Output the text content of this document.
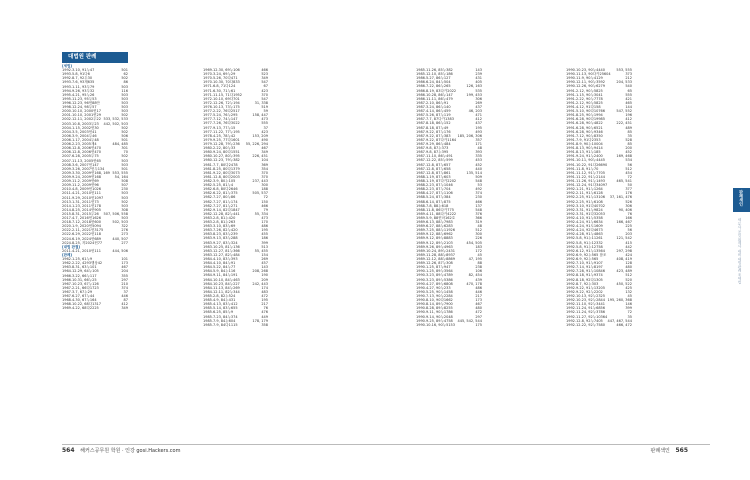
대법원 판례
[세법]
1992.3.10, 91누47	501
1993.5.8, 91다6	62
1992.8.7, 92두30	502
1993.7.6, 93재635	86
1993.1.11, 93두79	503
1994.9.26, 93두32	116
1995.4.21, 95누26	503
1995.11.23, 95두53	503
1996.12.23, 96헌88안	503
1998.12.24, 98두57	503
2000.10.10, 2000헌17	503
2001.10.10, 2001헌29	502
2002.12.11, 2002두22 533, 532, 533
2003.10.8, 2003두23 442, 502, 503
2004.1.15, 2002헌30	502
2004.3.5, 2003헌41	502
2006.3.9, 2004두46	506
2006.1.17, 2004두48	501
2006.2.23, 2005재4	484, 485
2006.12.8, 2006헌470	301
2006.12.8, 2006헌470	70
2007.6.28, 2005두75	502
2007.11.13, 2005헌65	503
2008.3.6, 2007헌147	503
2009.3.26, 2007헌두134	501
2009.3.30, 2009헌168, 169 553, 555
2009.9.24, 2009헌168	54, 164
2009.11.2, 2009헌69	508
2009.11.2, 2009헌96	507
2010.4.8, 2009헌1026	230
2011.4.21, 2010헌111	503
2011.9.29, 2010헌1097	503
2013.1.31, 2011헌73	502
2014.1.23, 2011헌178	503
2014.8.25, 2014헌905	308
2015.8.31, 2015두26 507, 506, 558
2017.4.7, 2016헌1626	503
2018.7.12, 2018헌600	502, 503
2020.1.9, 2020헌5094	322
2022.2.11, 2021헌3175	276
2022.6.29, 2022헌118	273
2024.6.19, 2024헌689	440, 507
2024.8.25, 자2024헌77	277
[대법 판결]
2011.4.21, 2010헌111	444, 506
[판례]
1962.1.25, 61누9	101
1962.2.22, 4293행상42	173
1963.8.31, 63누101	467
1964.12.29, 64누105	204
1966.3.22, 66누117	355
1966.10.31, 66누25	297
1967.10.23, 67누126	210
1967.2.21, 66다1723	374
1967.3.7, 67누29	37
1967.6.27, 67누44	446
1968.4.30, 67누164	87
1968.10.22, 68다1317	412
1969.4.22, 68다2225	349
1969.12.30, 69누106	466
1970.3.24, 69누29	523
1970.5.26, 70다471	349
1970.10.30, 70다833	547
1971.6.8, 71다124	67
1971.6.30, 71누61	423
1971.11.15, 71다1952	370
1972.10.10, 69다701	547
1972.12.26, 72누194	31, 338
1976.10.13, 73누175	519
1977.2.22, 76다2517	59
1977.5.24, 76누295	158, 447
1977.7.12, 74누147	473
1977.7.26, 76다3022	555
1977.9.13, 77누15	37
1977.11.22, 77누195	423
1978.4.25, 78누42	153, 209
1979.9.25, 77다1601	490
1979.12.28, 79누236 55, 226, 294
1980.2.22, 80누33	467
1980.9.24, 80다1551	349
1980.10.27, 80누395	226, 451
1980.12.23, 79누382	104
1981.7.7, 80다2478	369
1981.8.25, 80다1379	354
1981.9.22, 80다3073	370
1981.12.8, 80다2003	370
1982.3.9, 80누105	237, 443
1982.5.25, 81누4	300
1982.6.8, 80다2646	188
1982.6.22, 81누375	505, 537
1982.7.27, 80누86	72
1982.7.27, 81누174	150
1982.7.27, 81누271	466
1982.9.14, 82다1847	79
1982.12.28, 82누441	55, 334
1983.2.8, 81누420	473
1983.2.8, 81누263	170
1983.3.10, 83누69	486
1983.7.26, 82누420	195
1983.8.23, 83누239	455
1983.9.13, 83누288	186
1983.9.27, 83누324	399
1983.10.25, 81누136	513
1983.12.27, 81누366	55, 455
1983.12.27, 82누484	154
1984.4.10, 83누393	269
1984.4.10, 84누91	457
1984.5.22, 84누77	143
1984.5.9, 84누116	208, 268
1984.9.11, 84누191	190
1984.10.10, 84누463	209
1984.10.23, 84누227	242, 443
1984.11.13, 84누269	174
1984.12.11, 82누344	483
1985.2.8, 82누524	472
1985.4.9, 84누431	195
1985.4.13, 83누412	217
1985.5.14, 83누655	76
1985.6.25, 85누9	476
1985.7.23, 84누374	449
1985.7.9, 84누604	178, 179
1985.7.9, 84다1115	358
1985.11.26, 85누382	143
1985.12.10, 85누186	239
1986.5.27, 86누127	431
1986.6.24, 84누504	405
1986.7.22, 86누265	126, 163
1986.8.19, 83다카2022	535
1986.10.28, 86누147	199, 453
1986.11.11, 86누479	306
1987.2.10, 86누91	269
1987.3.24, 86누140	437
1987.4.14, 86누459	46, 203
1987.5.26, 87누119	471
1987.7.7, 87다카1383	412
1987.8.18, 86누152	437
1987.8.18, 87누49	195
1987.9.22, 87누176	493
1987.9.22, 87누383 185, 206, 306
1987.9.22, 87다카1164	357
1987.9.29, 86누484	171
1987.9.8, 87누373	48
1987.9.8, 87누395	393
1987.11.10, 86누491	335
1987.12.22, 85누599	453
1987.12.8, 87누657	452
1987.12.8, 87누658	440
1987.12.8, 87누861	135, 514
1988.1.19, 87누603	509
1988.1.19, 87다카2202	548
1988.2.23, 87누1046	53
1988.2.23, 87누704	492
1988.4.27, 87누1106	374
1988.5.24, 87누384	230
1988.6.14, 87누875	466
1988.7.8, 88누618	137
1988.11.8, 86다카775	548
1989.4.11, 88다카4222	376
1989.5.9, 88헌마162호	366
1989.6.13, 88누7983	319
1989.6.27, 88누6283	48
1989.7.25, 88누11926	512
1989.9.12, 88누6962	300
1989.9.12, 89누8883	226
1989.9.12, 89누2103	454, 505
1989.9.26, 89누4963	183
1989.10.24, 89누2431	172
1989.11.28, 88누8937	45
1989.12.12, 88누8869	47, 195
1989.12.26, 87누308	88
1990.1.25, 87누947	238
1990.1.25, 89누3564	106
1990.3.23, 89누4789	82, 454
1990.3.23, 89누5386	439
1990.4.27, 89누6808	470, 178
1990.4.27, 90누233	486
1990.5.25, 90누1458	446
1990.7.13, 90누2284	217
1990.8.10, 90다1662	173
1990.8.14, 89누7900	467
1990.8.28, 89누8255	480
1990.9.11, 90누1786	472
1990.9.14, 90누2048	297
1990.9.25, 89누4758 445, 542, 544
1990.10.16, 90누5153	175
1990.10.23, 90누4440	553, 555
1990.11.13, 90다카25604	373
1990.11.9, 90누4129	212
1990.12.11, 90누3592	204, 533
1990.12.26, 90누6279	540
1991.2.12, 90누5825	65
1991.1.15, 90누3041	555
1991.2.22, 90누7778	421
1991.2.12, 90누5825	465
1991.4.12, 91다158	144
1991.5.10, 90다10766	547, 552
1991.8.25, 90누1994	196
1991.6.28, 90다19985	412
1991.6.28, 90누4822	222, 451
1991.6.28, 90누6521	489
1991.6.28, 90누9346	85
1991.7.12, 90누8350	35
1991.7.9, 91다2353	528
1991.8.9, 90누10004	85
1991.8.13, 90누9414	200
1991.8.13, 91누185	452
1991.9.24, 91누2400	169, 468
1991.10.11, 90누4445	534
1991.10.22, 91다26690	56
1991.11.8, 91누70	512
1991.11.12, 91누7705	454
1991.11.22, 91누2144	72
1991.11.26, 91누1493	465, 541
1991.12.24, 91다34097	50
1992.1.21, 91누1264	377
1992.2.11, 91누6128	176
1992.2.25, 91누13106 37, 161, 476
1992.2.25, 91누6108	526
1992.3.10, 91다40702	306
1992.3.31, 91누9824	90, 406
1992.3.31, 91다32053	76
1992.4.10, 91누5358	166
1992.4.24, 91누6634	166, 467
1992.4.24, 91도1609	225
1992.4.24, 92다4673	56
1992.4.28, 91누4863	203
1992.5.8, 91누11261	121, 542
1992.5.8, 91누12332	415
1992.5.8, 91누12758	442
1992.6.12, 91누13564	297, 298
1992.6.9, 92누565 참조	424
1992.6.9, 92누565	408, 419
1992.7.10, 91누9107	128
1992.7.14, 91누8197	480
1992.7.28, 91누10846	423, 489
1992.8.18, 91누9374	512
1992.8.18, 92다1305	520
1992.8.7, 92누303	450, 522
1992.9.22, 91누13205	425
1992.9.22, 92누2202	132
1992.10.13, 92누2325	45
1992.10.23, 92누2844 195, 260, 368
1992.11.10, 92누3441	146
1992.11.24, 91누6856	399
1992.11.24, 92누3786	72
1992.11.27, 92누10364	35
1992.12.8, 92누7405 447, 467, 544
1992.12.22, 92누7580	466, 472
판례색인
세무사·공인회계사 대비 세법판례 조세법
564 해커스공무원 학원 · 인강 gosi.Hackers.com	판례색인 565
